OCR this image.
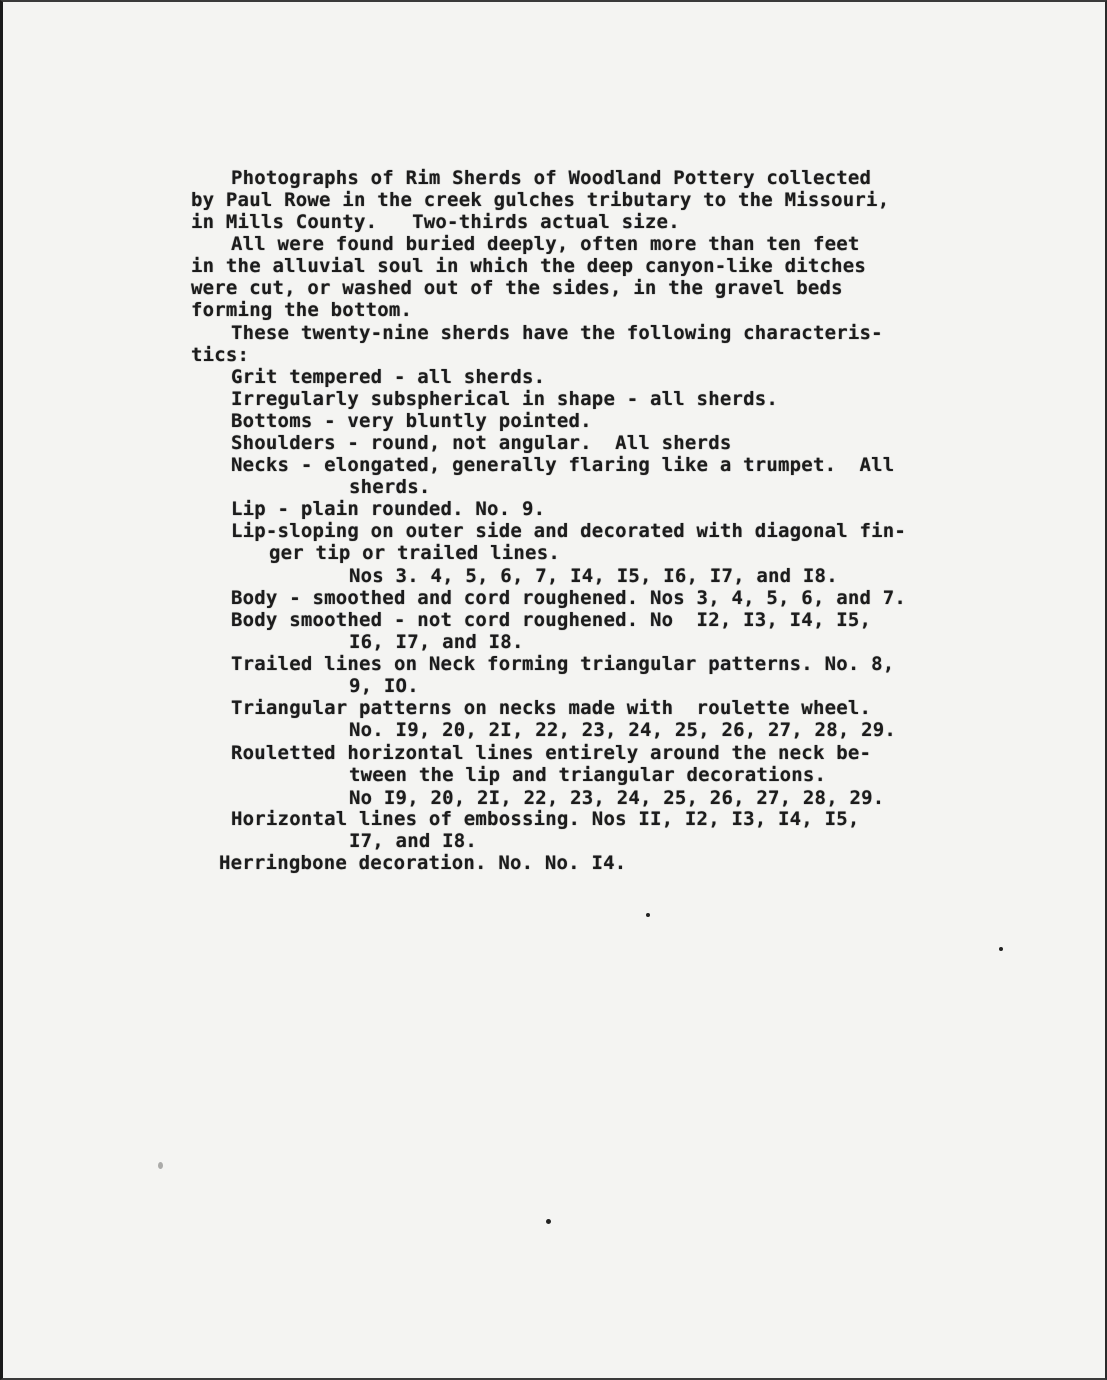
Photographs of Rim Sherds of Woodland Pottery collected
by Paul Rowe in the creek gulches tributary to the Missouri,
in Mills County.   Two-thirds actual size.
All were found buried deeply, often more than ten feet
in the alluvial soul in which the deep canyon-like ditches
were cut, or washed out of the sides, in the gravel beds
forming the bottom.
These twenty-nine sherds have the following characteris-
tics:
Grit tempered - all sherds.
Irregularly subspherical in shape - all sherds.
Bottoms - very bluntly pointed.
Shoulders - round, not angular.  All sherds
Necks - elongated, generally flaring like a trumpet.  All
sherds.
Lip - plain rounded. No. 9.
Lip-sloping on outer side and decorated with diagonal fin-
ger tip or trailed lines.
Nos 3. 4, 5, 6, 7, I4, I5, I6, I7, and I8.
Body - smoothed and cord roughened. Nos 3, 4, 5, 6, and 7.
Body smoothed - not cord roughened. No  I2, I3, I4, I5,
I6, I7, and I8.
Trailed lines on Neck forming triangular patterns. No. 8,
9, IO.
Triangular patterns on necks made with  roulette wheel.
No. I9, 20, 2I, 22, 23, 24, 25, 26, 27, 28, 29.
Rouletted horizontal lines entirely around the neck be-
tween the lip and triangular decorations.
No I9, 20, 2I, 22, 23, 24, 25, 26, 27, 28, 29.
Horizontal lines of embossing. Nos II, I2, I3, I4, I5,
I7, and I8.
Herringbone decoration. No. No. I4.
